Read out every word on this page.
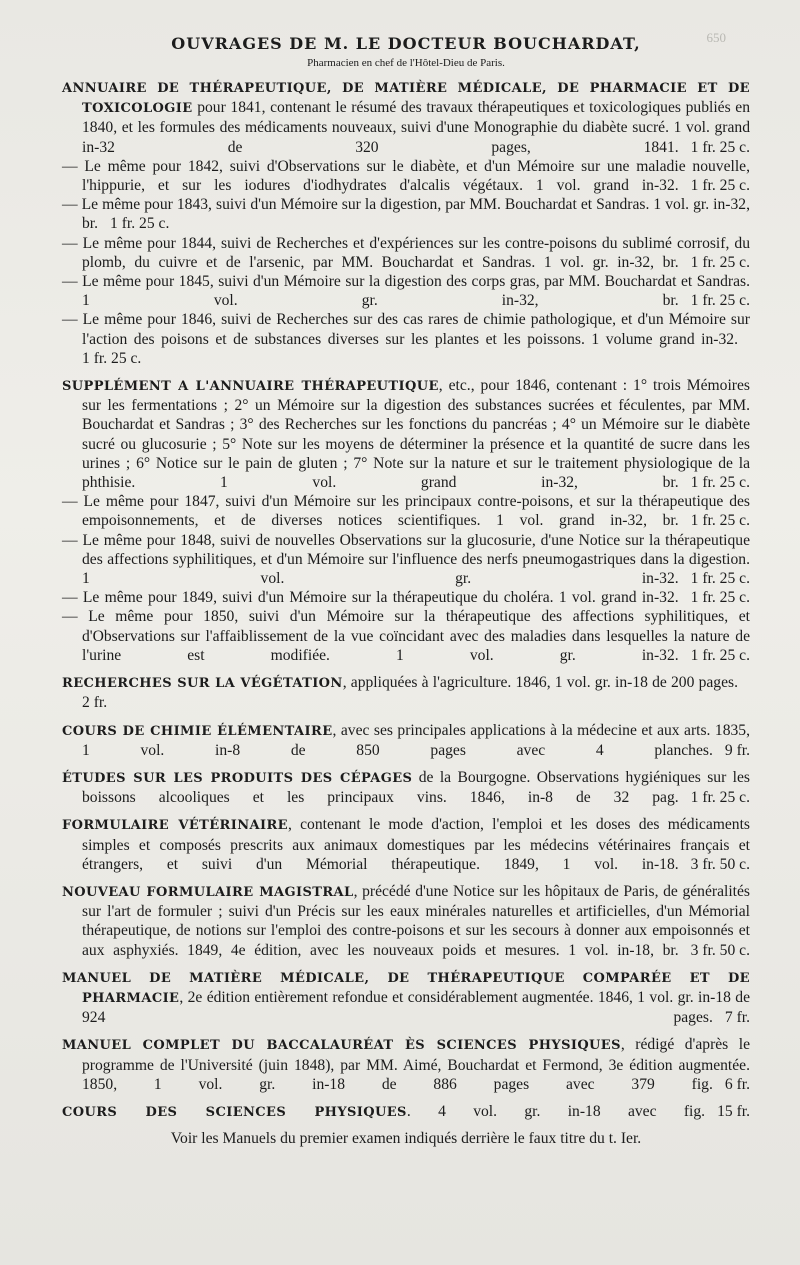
650
OUVRAGES DE M. LE DOCTEUR BOUCHARDAT,
Pharmacien en chef de l'Hôtel-Dieu de Paris.

ANNUAIRE DE THÉRAPEUTIQUE, DE MATIÈRE MÉDICALE, DE PHARMACIE ET DE TOXICOLOGIE pour 1841, contenant le résumé des travaux thérapeutiques et toxicologiques publiés en 1840, et les formules des médicaments nouveaux, suivi d'une Monographie du diabète sucré. 1 vol. grand in-32 de 320 pages, 1841. 1 fr. 25 c.

— Le même pour 1842, suivi d'Observations sur le diabète, et d'un Mémoire sur une maladie nouvelle, l'hippurie, et sur les iodures d'iodhydrates d'alcalis végétaux. 1 vol. grand in-32. 1 fr. 25 c.

— Le même pour 1843, suivi d'un Mémoire sur la digestion, par MM. Bouchardat et Sandras. 1 vol. gr. in-32, br. 1 fr. 25 c.

— Le même pour 1844, suivi de Recherches et d'expériences sur les contre-poisons du sublimé corrosif, du plomb, du cuivre et de l'arsenic, par MM. Bouchardat et Sandras. 1 vol. gr. in-32, br. 1 fr. 25 c.

— Le même pour 1845, suivi d'un Mémoire sur la digestion des corps gras, par MM. Bouchardat et Sandras. 1 vol. gr. in-32, br. 1 fr. 25 c.

— Le même pour 1846, suivi de Recherches sur des cas rares de chimie pathologique, et d'un Mémoire sur l'action des poisons et de substances diverses sur les plantes et les poissons. 1 volume grand in-32.1 fr. 25 c.

SUPPLÉMENT A L'ANNUAIRE THÉRAPEUTIQUE, etc., pour 1846, contenant : 1° trois Mémoires sur les fermentations ; 2° un Mémoire sur la digestion des substances sucrées et féculentes, par MM. Bouchardat et Sandras ; 3° des Recherches sur les fonctions du pancréas ; 4° un Mémoire sur le diabète sucré ou glucosurie ; 5° Note sur les moyens de déterminer la présence et la quantité de sucre dans les urines ; 6° Notice sur le pain de gluten ; 7° Note sur la nature et sur le traitement physiologique de la phthisie. 1 vol. grand in-32, br. 1 fr. 25 c.

— Le même pour 1847, suivi d'un Mémoire sur les principaux contre-poisons, et sur la thérapeutique des empoisonnements, et de diverses notices scientifiques. 1 vol. grand in-32, br. 1 fr. 25 c.

— Le même pour 1848, suivi de nouvelles Observations sur la glucosurie, d'une Notice sur la thérapeutique des affections syphilitiques, et d'un Mémoire sur l'influence des nerfs pneumogastriques dans la digestion. 1 vol. gr. in-32. 1 fr. 25 c.

— Le même pour 1849, suivi d'un Mémoire sur la thérapeutique du choléra. 1 vol. grand in-32. 1 fr. 25 c.

— Le même pour 1850, suivi d'un Mémoire sur la thérapeutique des affections syphilitiques, et d'Observations sur l'affaiblissement de la vue coïncidant avec des maladies dans lesquelles la nature de l'urine est modifiée. 1 vol. gr. in-32. 1 fr. 25 c.

RECHERCHES SUR LA VÉGÉTATION, appliquées à l'agriculture. 1846, 1 vol. gr. in-18 de 200 pages.2 fr.

COURS DE CHIMIE ÉLÉMENTAIRE, avec ses principales applications à la médecine et aux arts. 1835, 1 vol. in-8 de 850 pages avec 4 planches. 9 fr.

ÉTUDES SUR LES PRODUITS DES CÉPAGES de la Bourgogne. Observations hygiéniques sur les boissons alcooliques et les principaux vins. 1846, in-8 de 32 pag. 1 fr. 25 c.

FORMULAIRE VÉTÉRINAIRE, contenant le mode d'action, l'emploi et les doses des médicaments simples et composés prescrits aux animaux domestiques par les médecins vétérinaires français et étrangers, et suivi d'un Mémorial thérapeutique. 1849, 1 vol. in-18. 3 fr. 50 c.

NOUVEAU FORMULAIRE MAGISTRAL, précédé d'une Notice sur les hôpitaux de Paris, de généralités sur l'art de formuler ; suivi d'un Précis sur les eaux minérales naturelles et artificielles, d'un Mémorial thérapeutique, de notions sur l'emploi des contre-poisons et sur les secours à donner aux empoisonnés et aux asphyxiés. 1849, 4e édition, avec les nouveaux poids et mesures. 1 vol. in-18, br. 3 fr. 50 c.

MANUEL DE MATIÈRE MÉDICALE, DE THÉRAPEUTIQUE COMPARÉE ET DE PHARMACIE, 2e édition entièrement refondue et considérablement augmentée. 1846, 1 vol. gr. in-18 de 924 pages. 7 fr.

MANUEL COMPLET DU BACCALAURÉAT ÈS SCIENCES PHYSIQUES, rédigé d'après le programme de l'Université (juin 1848), par MM. Aimé, Bouchardat et Fermond, 3e édition augmentée. 1850, 1 vol. gr. in-18 de 886 pages avec 379 fig. 6 fr.

COURS DES SCIENCES PHYSIQUES. 4 vol. gr. in-18 avec fig. 15 fr.

Voir les Manuels du premier examen indiqués derrière le faux titre du t. Ier.
